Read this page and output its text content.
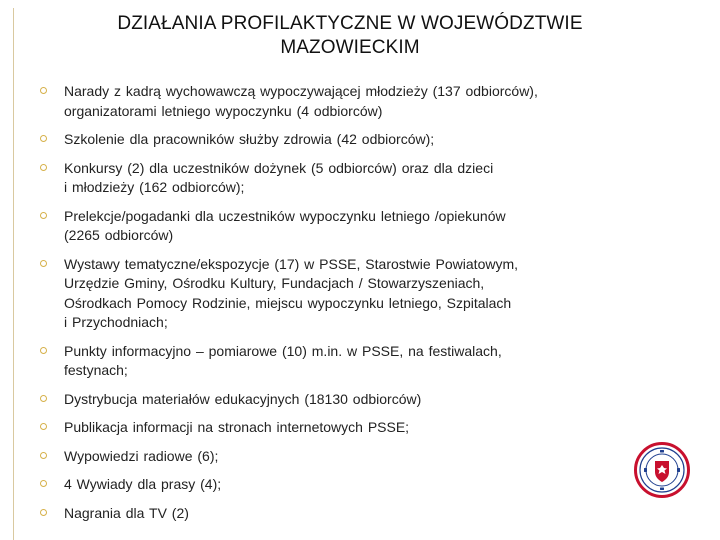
DZIAŁANIA PROFILAKTYCZNE W WOJEWÓDZTWIE
MAZOWIECKIM
Narady z kadrą wychowawczą wypoczywającej młodzieży (137 odbiorców),
organizatorami letniego wypoczynku (4 odbiorców)
Szkolenie dla pracowników służby zdrowia (42 odbiorców);
Konkursy (2) dla uczestników dożynek (5 odbiorców) oraz dla dzieci
i młodzieży (162 odbiorców);
Prelekcje/pogadanki dla uczestników wypoczynku letniego /opiekunów
(2265 odbiorców)
Wystawy tematyczne/ekspozycje (17) w PSSE, Starostwie Powiatowym,
Urzędzie Gminy, Ośrodku Kultury, Fundacjach / Stowarzyszeniach,
Ośrodkach Pomocy Rodzinie, miejscu wypoczynku letniego, Szpitalach
i Przychodniach;
Punkty informacyjno – pomiarowe (10) m.in. w PSSE, na festiwalach,
festynach;
Dystrybucja materiałów edukacyjnych (18130 odbiorców)
Publikacja informacji na stronach internetowych PSSE;
Wypowiedzi radiowe (6);
4 Wywiady dla prasy (4);
Nagrania dla TV (2)
